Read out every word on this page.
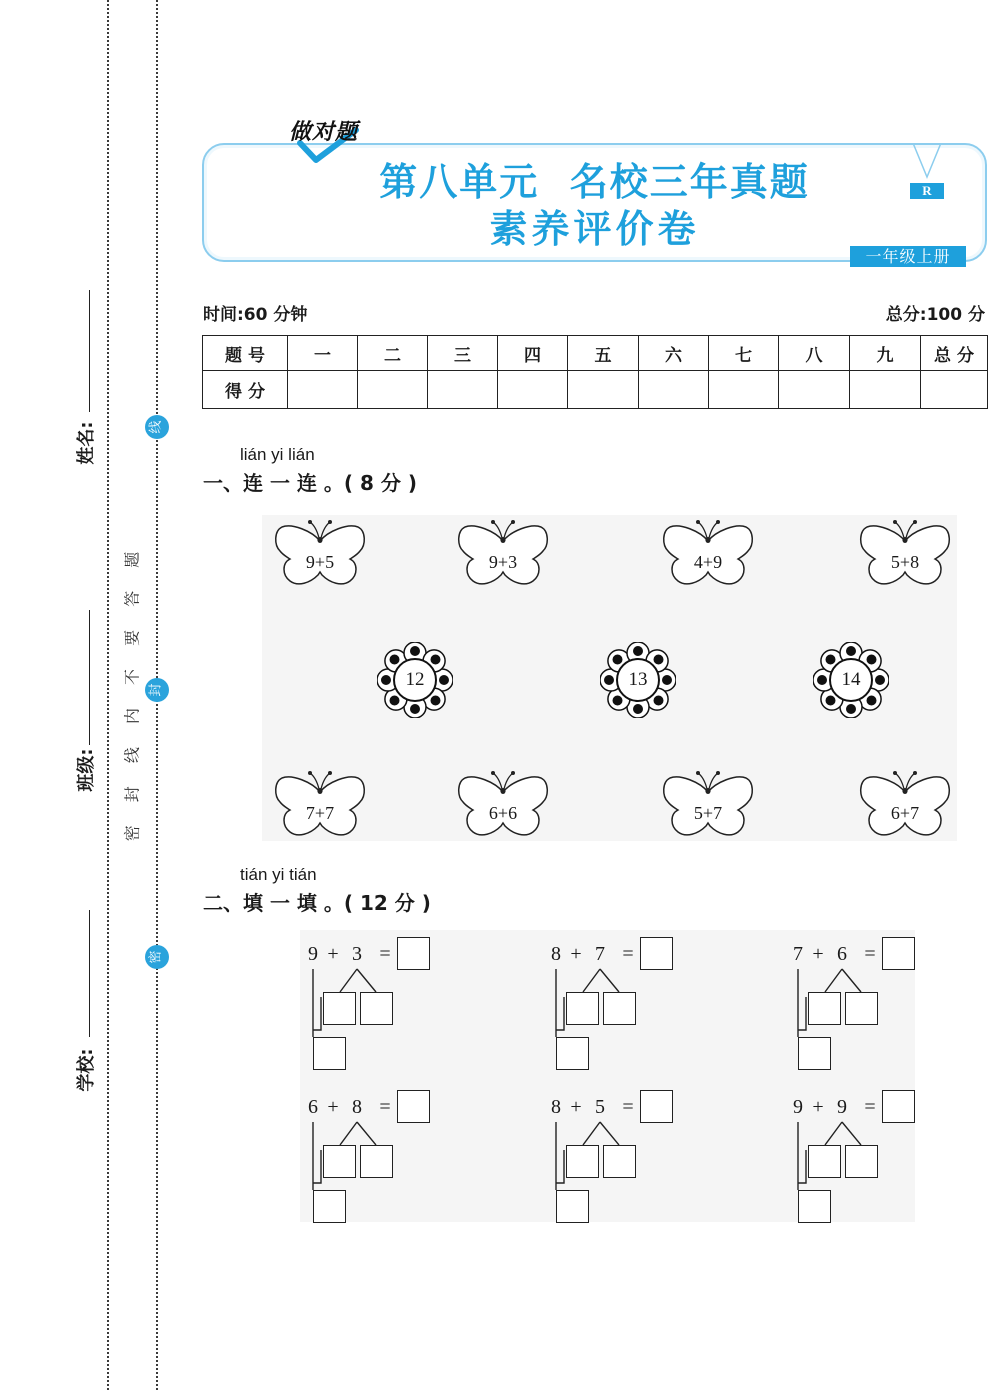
姓名:
班级:
学校:
密 封 线 内 不 要 答 题
线
封
密
做对题
第八单元  名校三年真题
素养评价卷
R
一年级上册
时间:60 分钟	总分:100 分
题 号	一	二	三	四	五	六	七	八	九	总 分
得 分										
lián yi lián
一、连 一 连 。( 8 分 )
9+5	9+3	4+9	5+8
12	13	14
7+7	6+6	5+7	6+7
tián yi tián
二、填 一 填 。( 12 分 )
9 + 3 =	8 + 7 =	7 + 6 =
6 + 8 =	8 + 5 =	9 + 9 =
